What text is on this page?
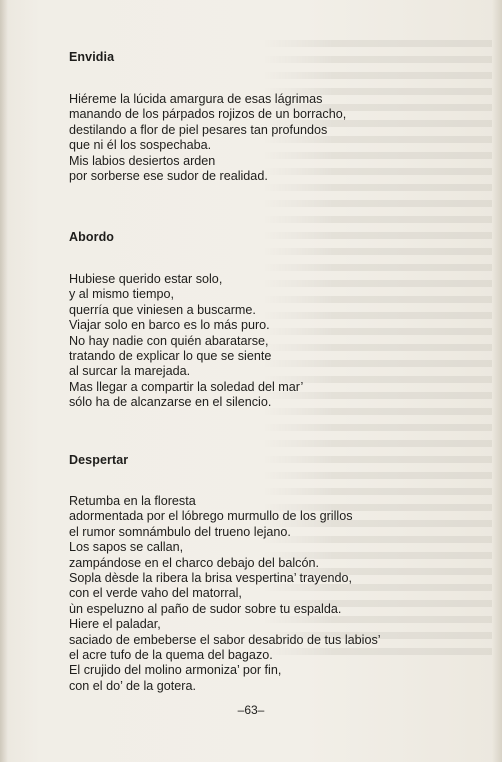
Envidia
Hiéreme la lúcida amargura de esas lágrimas
manando de los párpados rojizos de un borracho,
destilando a flor de piel pesares tan profundos
que ni él los sospechaba.
Mis labios desiertos arden
por sorberse ese sudor de realidad.
Abordo
Hubiese querido estar solo,
y al mismo tiempo,
querría que viniesen a buscarme.
Viajar solo en barco es lo más puro.
No hay nadie con quién abaratarse,
tratando de explicar lo que se siente
al surcar la marejada.
Mas llegar a compartir la soledad del mar’
sólo ha de alcanzarse en el silencio.
Despertar
Retumba en la floresta
adormentada por el lóbrego murmullo de los grillos
el rumor somnámbulo del trueno lejano.
Los sapos se callan,
zampándose en el charco debajo del balcón.
Sopla dèsde la ribera la brisa vespertina’ trayendo,
con el verde vaho del matorral,
ùn espeluzno al paño de sudor sobre tu espalda.
Hiere el paladar,
saciado de embeberse el sabor desabrido de tus labios’
el acre tufo de la quema del bagazo.
El crujido del molino armoniza’ por fin,
con el do’ de la gotera.

–63–
